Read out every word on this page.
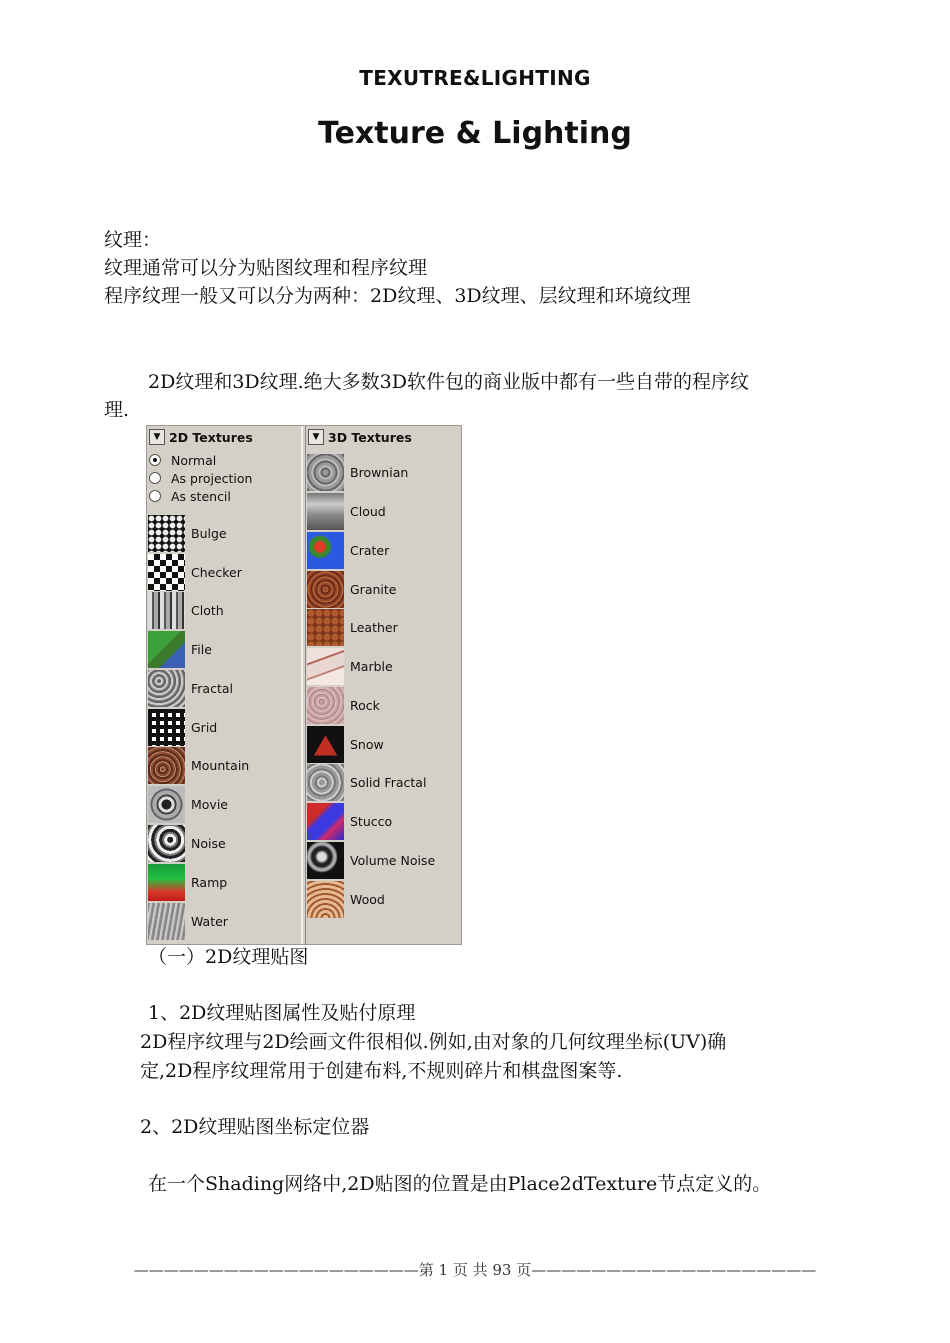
TEXUTRE&LIGHTING
Texture & Lighting
纹理：
纹理通常可以分为贴图纹理和程序纹理
程序纹理一般又可以分为两种：2D纹理、3D纹理、层纹理和环境纹理
2D纹理和3D纹理.绝大多数3D软件包的商业版中都有一些自带的程序纹
理.
▼ 2D Textures
Normal
As projection
As stencil
Bulge
Checker
Cloth
File
Fractal
Grid
Mountain
Movie
Noise
Ramp
Water
▼ 3D Textures
Brownian
Cloud
Crater
Granite
Leather
Marble
Rock
Snow
Solid Fractal
Stucco
Volume Noise
Wood
（一）2D纹理贴图
1、2D纹理贴图属性及贴付原理
2D程序纹理与2D绘画文件很相似.例如,由对象的几何纹理坐标(UV)确
定,2D程序纹理常用于创建布料,不规则碎片和棋盘图案等.
2、2D纹理贴图坐标定位器
在一个Shading网络中,2D贴图的位置是由Place2dTexture节点定义的。
———————————————————第 1 页 共 93 页———————————————————
